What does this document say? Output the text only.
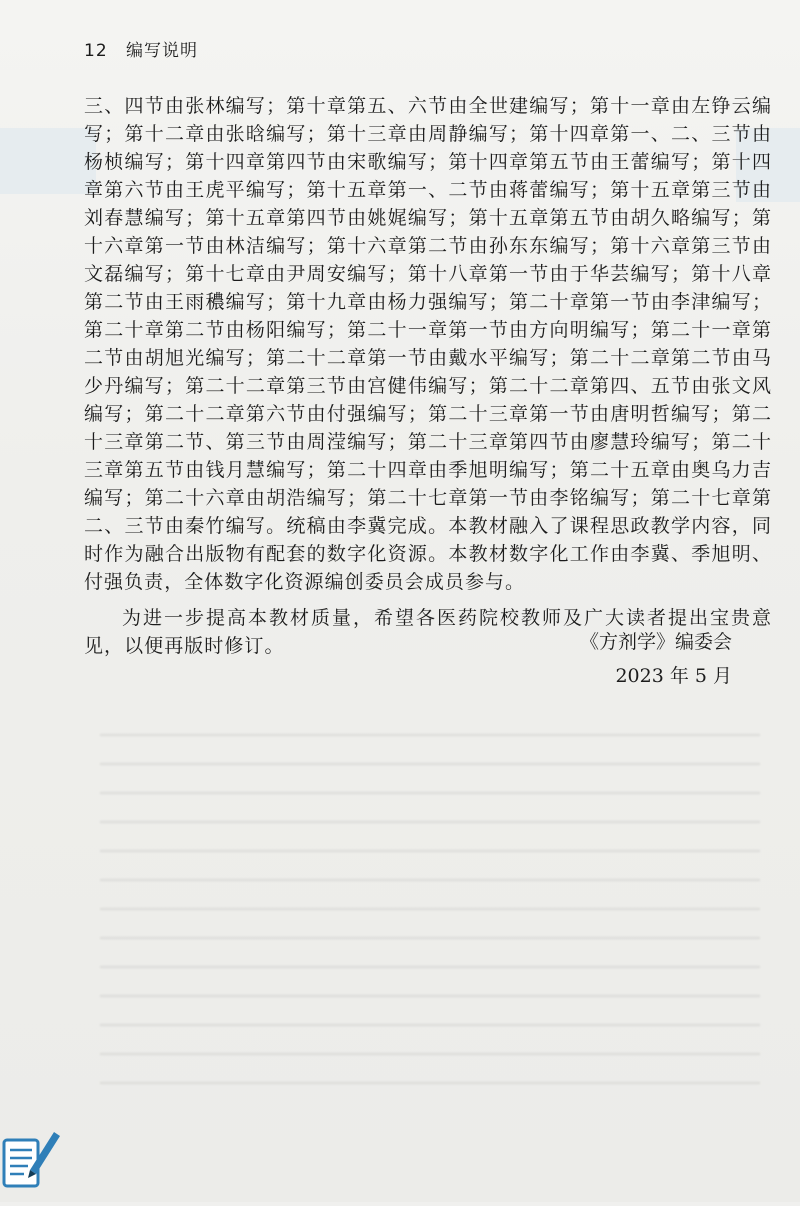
12 编写说明

三、四节由张林编写；第十章第五、六节由全世建编写；第十一章由左铮云编写；第十二章由张晗编写；第十三章由周静编写；第十四章第一、二、三节由杨桢编写；第十四章第四节由宋歌编写；第十四章第五节由王蕾编写；第十四章第六节由王虎平编写；第十五章第一、二节由蒋蕾编写；第十五章第三节由刘春慧编写；第十五章第四节由姚娓编写；第十五章第五节由胡久略编写；第十六章第一节由林洁编写；第十六章第二节由孙东东编写；第十六章第三节由文磊编写；第十七章由尹周安编写；第十八章第一节由于华芸编写；第十八章第二节由王雨穠编写；第十九章由杨力强编写；第二十章第一节由李津编写；第二十章第二节由杨阳编写；第二十一章第一节由方向明编写；第二十一章第二节由胡旭光编写；第二十二章第一节由戴水平编写；第二十二章第二节由马少丹编写；第二十二章第三节由宫健伟编写；第二十二章第四、五节由张文风编写；第二十二章第六节由付强编写；第二十三章第一节由唐明哲编写；第二十三章第二节、第三节由周滢编写；第二十三章第四节由廖慧玲编写；第二十三章第五节由钱月慧编写；第二十四章由季旭明编写；第二十五章由奥乌力吉编写；第二十六章由胡浩编写；第二十七章第一节由李铭编写；第二十七章第二、三节由秦竹编写。统稿由李冀完成。本教材融入了课程思政教学内容，同时作为融合出版物有配套的数字化资源。本教材数字化工作由李冀、季旭明、付强负责，全体数字化资源编创委员会成员参与。

为进一步提高本教材质量，希望各医药院校教师及广大读者提出宝贵意见，以便再版时修订。	《方剂学》编委会
2023 年 5 月
